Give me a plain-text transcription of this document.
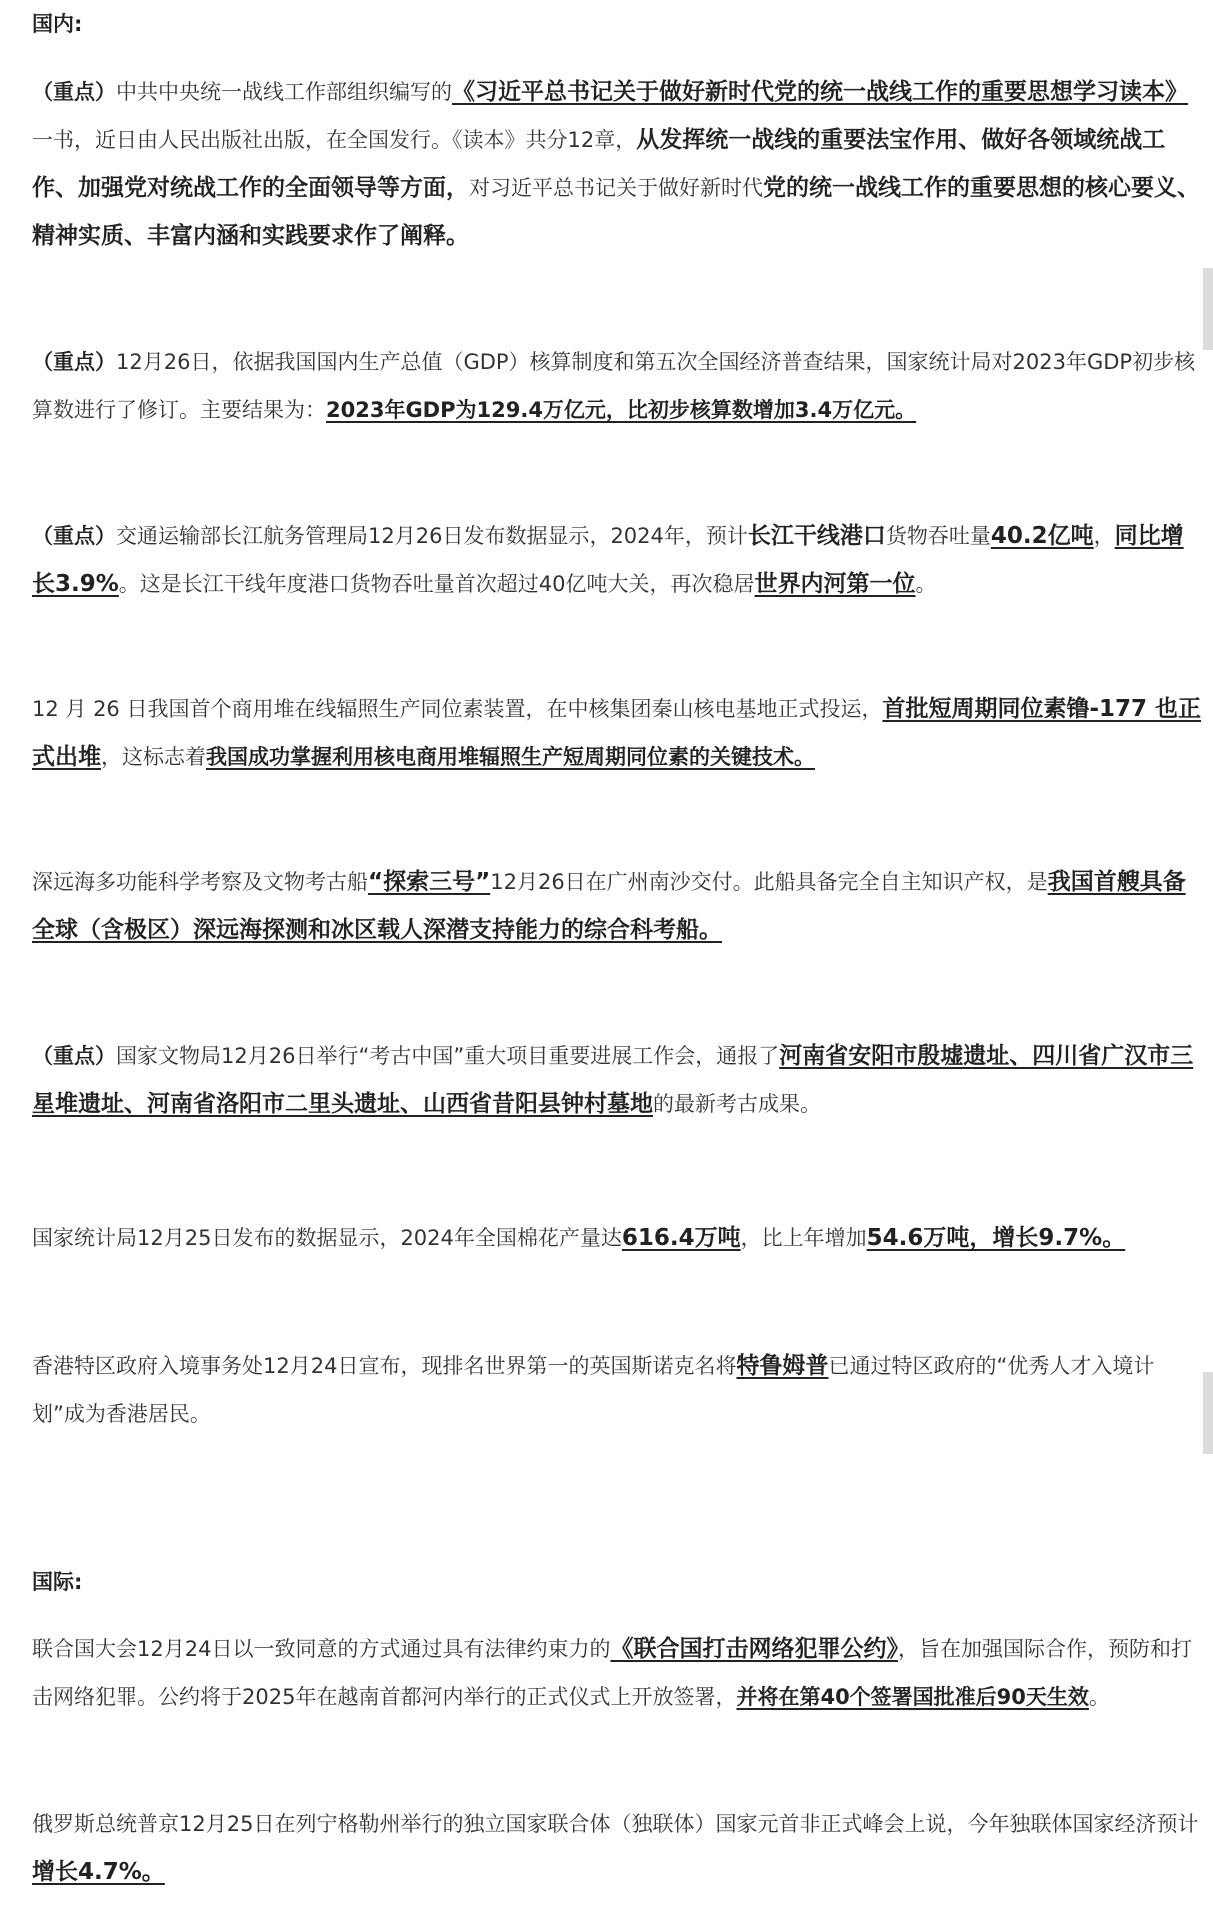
国内:
（重点）中共中央统一战线工作部组织编写的《习近平总书记关于做好新时代党的统一战线工作的重要思想学习读本》一书，近日由人民出版社出版，在全国发行。《读本》共分12章，从发挥统一战线的重要法宝作用、做好各领域统战工作、加强党对统战工作的全面领导等方面，对习近平总书记关于做好新时代党的统一战线工作的重要思想的核心要义、精神实质、丰富内涵和实践要求作了阐释。
（重点）12月26日，依据我国国内生产总值（GDP）核算制度和第五次全国经济普查结果，国家统计局对2023年GDP初步核算数进行了修订。主要结果为：2023年GDP为129.4万亿元，比初步核算数增加3.4万亿元。
（重点）交通运输部长江航务管理局12月26日发布数据显示，2024年，预计长江干线港口货物吞吐量40.2亿吨，同比增长3.9%。这是长江干线年度港口货物吞吐量首次超过40亿吨大关，再次稳居世界内河第一位。
12 月 26 日我国首个商用堆在线辐照生产同位素装置，在中核集团秦山核电基地正式投运，首批短周期同位素镥-177 也正式出堆，这标志着我国成功掌握利用核电商用堆辐照生产短周期同位素的关键技术。
深远海多功能科学考察及文物考古船“探索三号”12月26日在广州南沙交付。此船具备完全自主知识产权，是我国首艘具备全球（含极区）深远海探测和冰区载人深潜支持能力的综合科考船。
（重点）国家文物局12月26日举行“考古中国”重大项目重要进展工作会，通报了河南省安阳市殷墟遗址、四川省广汉市三星堆遗址、河南省洛阳市二里头遗址、山西省昔阳县钟村墓地的最新考古成果。
国家统计局12月25日发布的数据显示，2024年全国棉花产量达616.4万吨，比上年增加54.6万吨，增长9.7%。
香港特区政府入境事务处12月24日宣布，现排名世界第一的英国斯诺克名将特鲁姆普已通过特区政府的“优秀人才入境计划”成为香港居民。
国际:
联合国大会12月24日以一致同意的方式通过具有法律约束力的《联合国打击网络犯罪公约》，旨在加强国际合作，预防和打击网络犯罪。公约将于2025年在越南首都河内举行的正式仪式上开放签署，并将在第40个签署国批准后90天生效。
俄罗斯总统普京12月25日在列宁格勒州举行的独立国家联合体（独联体）国家元首非正式峰会上说，今年独联体国家经济预计增长4.7%。
